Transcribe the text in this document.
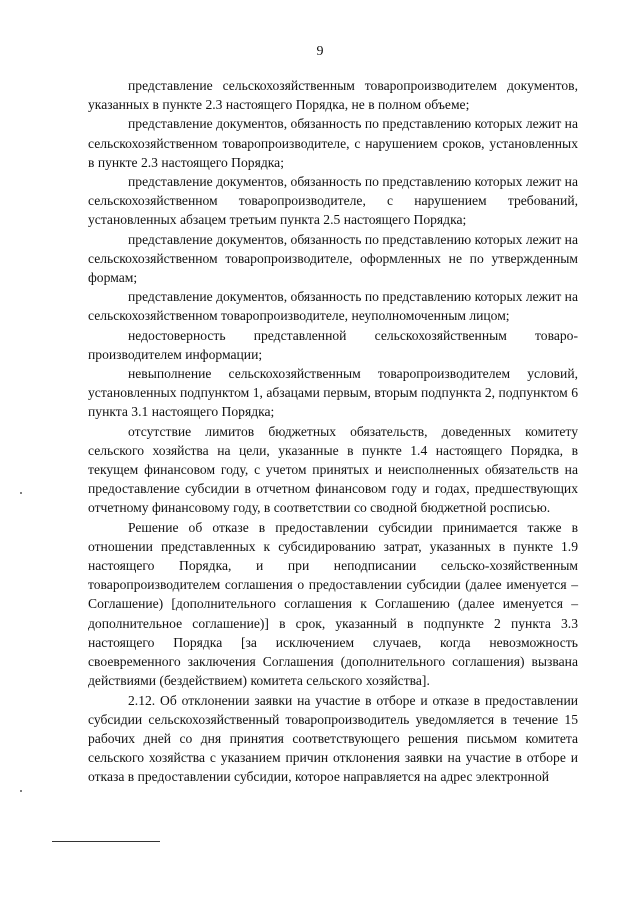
9

представление сельскохозяйственным товаропроизводителем документов, указанных в пункте 2.3 настоящего Порядка, не в полном объеме;

представление документов, обязанность по представлению которых лежит на сельскохозяйственном товаропроизводителе, с нарушением сроков, установленных в пункте 2.3 настоящего Порядка;

представление документов, обязанность по представлению которых лежит на сельскохозяйственном товаропроизводителе, с нарушением требований, установленных абзацем третьим пункта 2.5 настоящего Порядка;

представление документов, обязанность по представлению которых лежит на сельскохозяйственном товаропроизводителе, оформленных не по утвержденным формам;

представление документов, обязанность по представлению которых лежит на сельскохозяйственном товаропроизводителе, неуполномоченным лицом;

недостоверность представленной сельскохозяйственным товаро-производителем информации;

невыполнение сельскохозяйственным товаропроизводителем условий, установленных подпунктом 1, абзацами первым, вторым подпункта 2, подпунктом 6 пункта 3.1 настоящего Порядка;

отсутствие лимитов бюджетных обязательств, доведенных комитету сельского хозяйства на цели, указанные в пункте 1.4 настоящего Порядка, в текущем финансовом году, с учетом принятых и неисполненных обязательств на предоставление субсидии в отчетном финансовом году и годах, предшествующих отчетному финансовому году, в соответствии со сводной бюджетной росписью.

Решение об отказе в предоставлении субсидии принимается также в отношении представленных к субсидированию затрат, указанных в пункте 1.9 настоящего Порядка, и при неподписании сельско-хозяйственным товаропроизводителем соглашения о предоставлении субсидии (далее именуется – Соглашение) [дополнительного соглашения к Соглашению (далее именуется – дополнительное соглашение)] в срок, указанный в подпункте 2 пункта 3.3 настоящего Порядка [за исключением случаев, когда невозможность своевременного заключения Соглашения (дополнительного соглашения) вызвана действиями (бездействием) комитета сельского хозяйства].

2.12. Об отклонении заявки на участие в отборе и отказе в предоставлении субсидии сельскохозяйственный товаропроизводитель уведомляется в течение 15 рабочих дней со дня принятия соответствующего решения письмом комитета сельского хозяйства с указанием причин отклонения заявки на участие в отборе и отказа в предоставлении субсидии, которое направляется на адрес электронной
